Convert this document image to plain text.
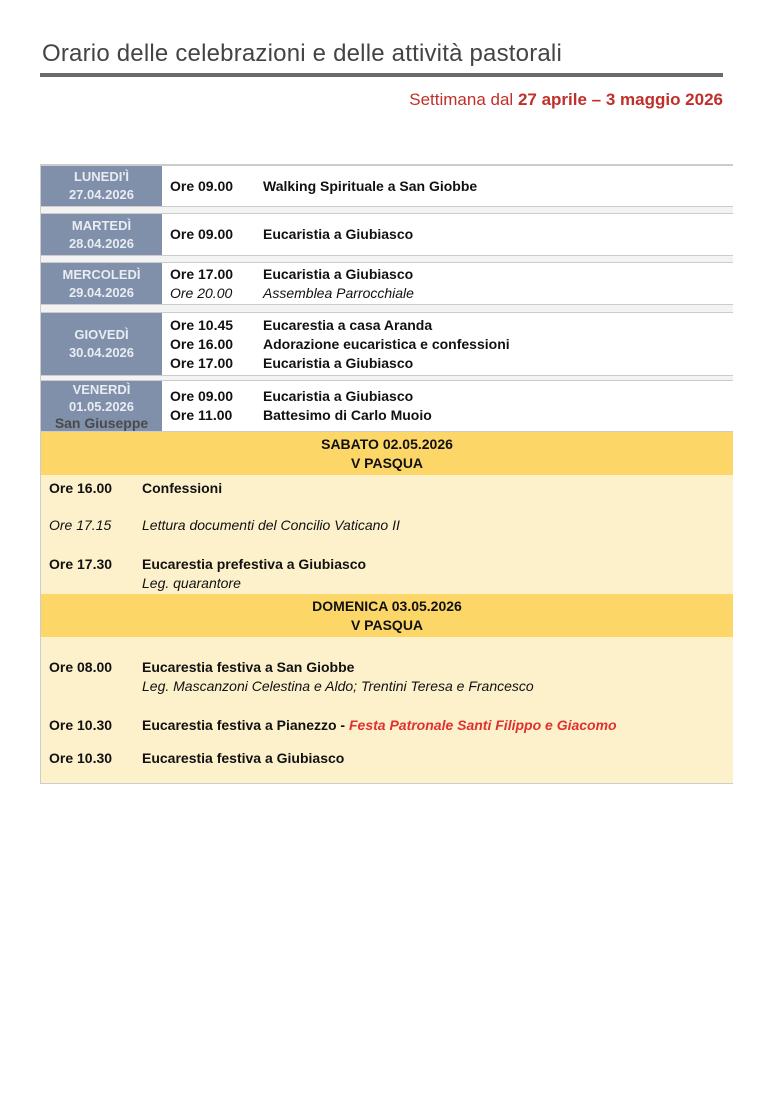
Orario delle celebrazioni e delle attività pastorali
Settimana dal 27 aprile – 3 maggio 2026
LUNEDI'Ì
27.04.2026
Ore 09.00	Walking Spirituale a San Giobbe
MARTEDÌ
28.04.2026
Ore 09.00	Eucaristia a Giubiasco
MERCOLEDÌ
29.04.2026
Ore 17.00	Eucaristia a Giubiasco
Ore 20.00	Assemblea Parrocchiale
GIOVEDÌ
30.04.2026
Ore 10.45	Eucarestia a casa Aranda
Ore 16.00	Adorazione eucaristica e confessioni
Ore 17.00	Eucaristia a Giubiasco
VENERDÌ
01.05.2026
San Giuseppe
Ore 09.00	Eucaristia a Giubiasco
Ore 11.00	Battesimo di Carlo Muoio
SABATO 02.05.2026
V PASQUA
Ore 16.00	Confessioni
Ore 17.15	Lettura documenti del Concilio Vaticano II
Ore 17.30	Eucarestia prefestiva a Giubiasco
Leg. quarantore
DOMENICA 03.05.2026
V PASQUA
Ore 08.00	Eucarestia festiva a San Giobbe
Leg. Mascanzoni Celestina e Aldo; Trentini Teresa e Francesco
Ore 10.30	Eucarestia festiva a Pianezzo - Festa Patronale Santi Filippo e Giacomo
Ore 10.30	Eucarestia festiva a Giubiasco
